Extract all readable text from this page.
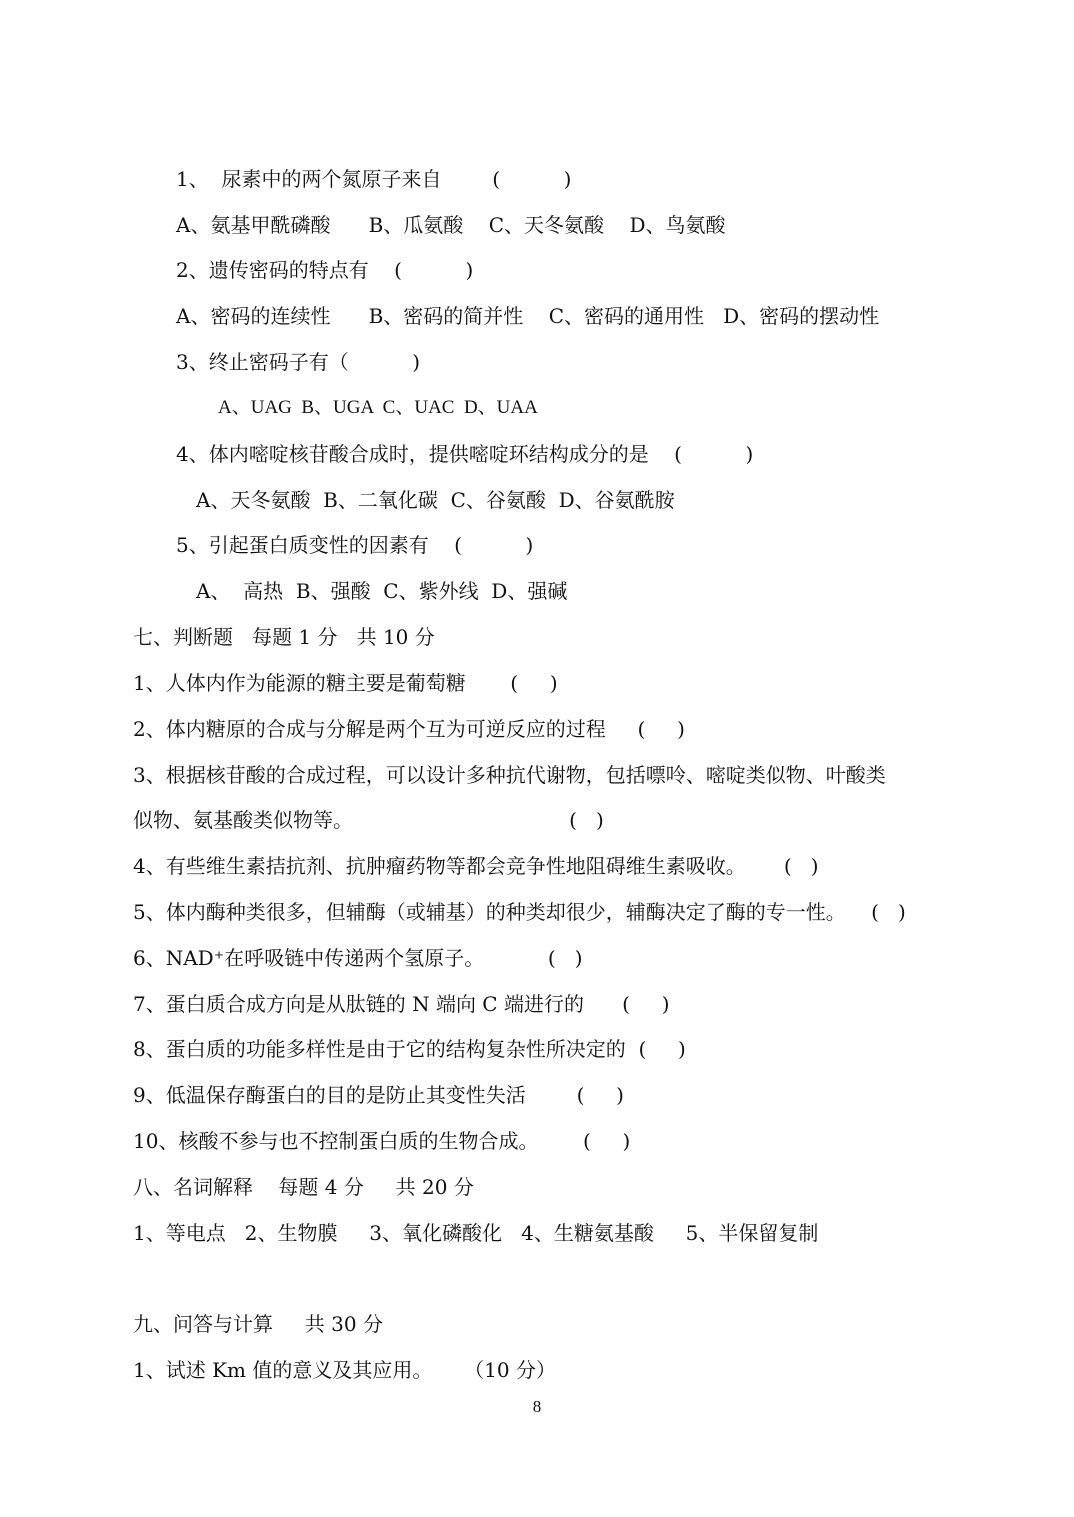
1、  尿素中的两个氮原子来自        (          )
A、氨基甲酰磷酸      B、瓜氨酸    C、天冬氨酸    D、鸟氨酸
2、遗传密码的特点有    (          )
A、密码的连续性      B、密码的简并性    C、密码的通用性   D、密码的摆动性
3、终止密码子有（          )
A、UAG  B、UGA  C、UAC  D、UAA
4、体内嘧啶核苷酸合成时，提供嘧啶环结构成分的是    (          )
A、天冬氨酸  B、二氧化碳  C、谷氨酸  D、谷氨酰胺
5、引起蛋白质变性的因素有    (          )
A、  高热  B、强酸  C、紫外线  D、强碱
七、判断题   每题 1 分   共 10 分
1、人体内作为能源的糖主要是葡萄糖       (     )
2、体内糖原的合成与分解是两个互为可逆反应的过程     (     )
3、根据核苷酸的合成过程，可以设计多种抗代谢物，包括嘌呤、嘧啶类似物、叶酸类
似物、氨基酸类似物等。                                  (   )
4、有些维生素拮抗剂、抗肿瘤药物等都会竞争性地阻碍维生素吸收。      (   )
5、体内酶种类很多，但辅酶（或辅基）的种类却很少，辅酶决定了酶的专一性。    (   )
6、NAD⁺在呼吸链中传递两个氢原子。          (   )
7、蛋白质合成方向是从肽链的 N 端向 C 端进行的      (     )
8、蛋白质的功能多样性是由于它的结构复杂性所决定的  (     )
9、低温保存酶蛋白的目的是防止其变性失活        (     )
10、核酸不参与也不控制蛋白质的生物合成。       (     )
八、名词解释    每题 4 分     共 20 分
1、等电点   2、生物膜     3、氧化磷酸化   4、生糖氨基酸     5、半保留复制
九、问答与计算     共 30 分
1、试述 Km 值的意义及其应用。     （10 分）
8
